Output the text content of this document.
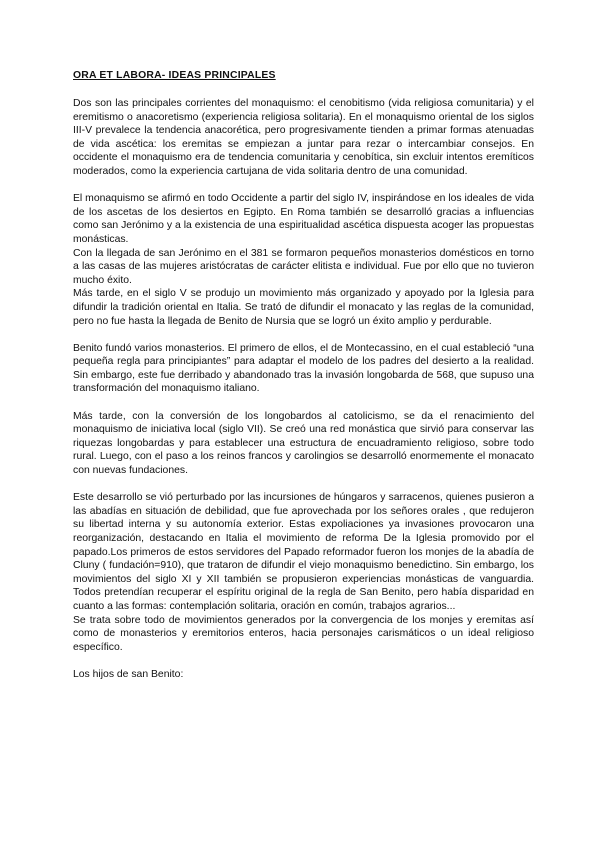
ORA ET LABORA- IDEAS PRINCIPALES

Dos son las principales corrientes del monaquismo: el cenobitismo (vida religiosa comunitaria) y el eremitismo o anacoretismo (experiencia religiosa solitaria). En el monaquismo oriental de los siglos III-V prevalece la tendencia anacorética, pero progresivamente tienden a primar formas atenuadas de vida ascética: los eremitas se empiezan a juntar para rezar o intercambiar consejos. En occidente el monaquismo era de tendencia comunitaria y cenobítica, sin excluir intentos eremíticos moderados, como la experiencia cartujana de vida solitaria dentro de una comunidad.

El monaquismo se afirmó en todo Occidente a partir del siglo IV, inspirándose en los ideales de vida de los ascetas de los desiertos en Egipto. En Roma también se desarrolló gracias a influencias como san Jerónimo y a la existencia de una espiritualidad ascética dispuesta acoger las propuestas monásticas.

Con la llegada de san Jerónimo en el 381 se formaron pequeños monasterios domésticos en torno a las casas de las mujeres aristócratas de carácter elitista e individual. Fue por ello que no tuvieron mucho éxito.

Más tarde, en el siglo V se produjo un movimiento más organizado y apoyado por la Iglesia para difundir la tradición oriental en Italia. Se trató de difundir el monacato y las reglas de la comunidad, pero no fue hasta la llegada de Benito de Nursia que se logró un éxito amplio y perdurable.

Benito fundó varios monasterios. El primero de ellos, el de Montecassino, en el cual estableció “una pequeña regla para principiantes” para adaptar el modelo de los padres del desierto a la realidad. Sin embargo, este fue derribado y abandonado tras la invasión longobarda de 568, que supuso una transformación del monaquismo italiano.

Más tarde, con la conversión de los longobardos al catolicismo, se da el renacimiento del monaquismo de iniciativa local (siglo VII). Se creó una red monástica que sirvió para conservar las riquezas longobardas y para establecer una estructura de encuadramiento religioso, sobre todo rural. Luego, con el paso a los reinos francos y carolingios se desarrolló enormemente el monacato con nuevas fundaciones.

Este desarrollo se vió perturbado por las incursiones de húngaros y sarracenos, quienes pusieron a las abadías en situación de debilidad, que fue aprovechada por los señores orales , que redujeron su libertad interna y su autonomía exterior. Estas expoliaciones ya invasiones provocaron una reorganización, destacando en Italia el movimiento de reforma De la Iglesia promovido por el papado.Los primeros de estos servidores del Papado reformador fueron los monjes de la abadía de Cluny ( fundación=910), que trataron de difundir el viejo monaquismo benedictino. Sin embargo, los movimientos del siglo XI y XII también se propusieron experiencias monásticas de vanguardia. Todos pretendían recuperar el espíritu original de la regla de San Benito, pero había disparidad en cuanto a las formas: contemplación solitaria, oración en común, trabajos agrarios...

Se trata sobre todo de movimientos generados por la convergencia de los monjes y eremitas así como de monasterios y eremitorios enteros, hacia personajes carismáticos o un ideal religioso específico.

Los hijos de san Benito:
